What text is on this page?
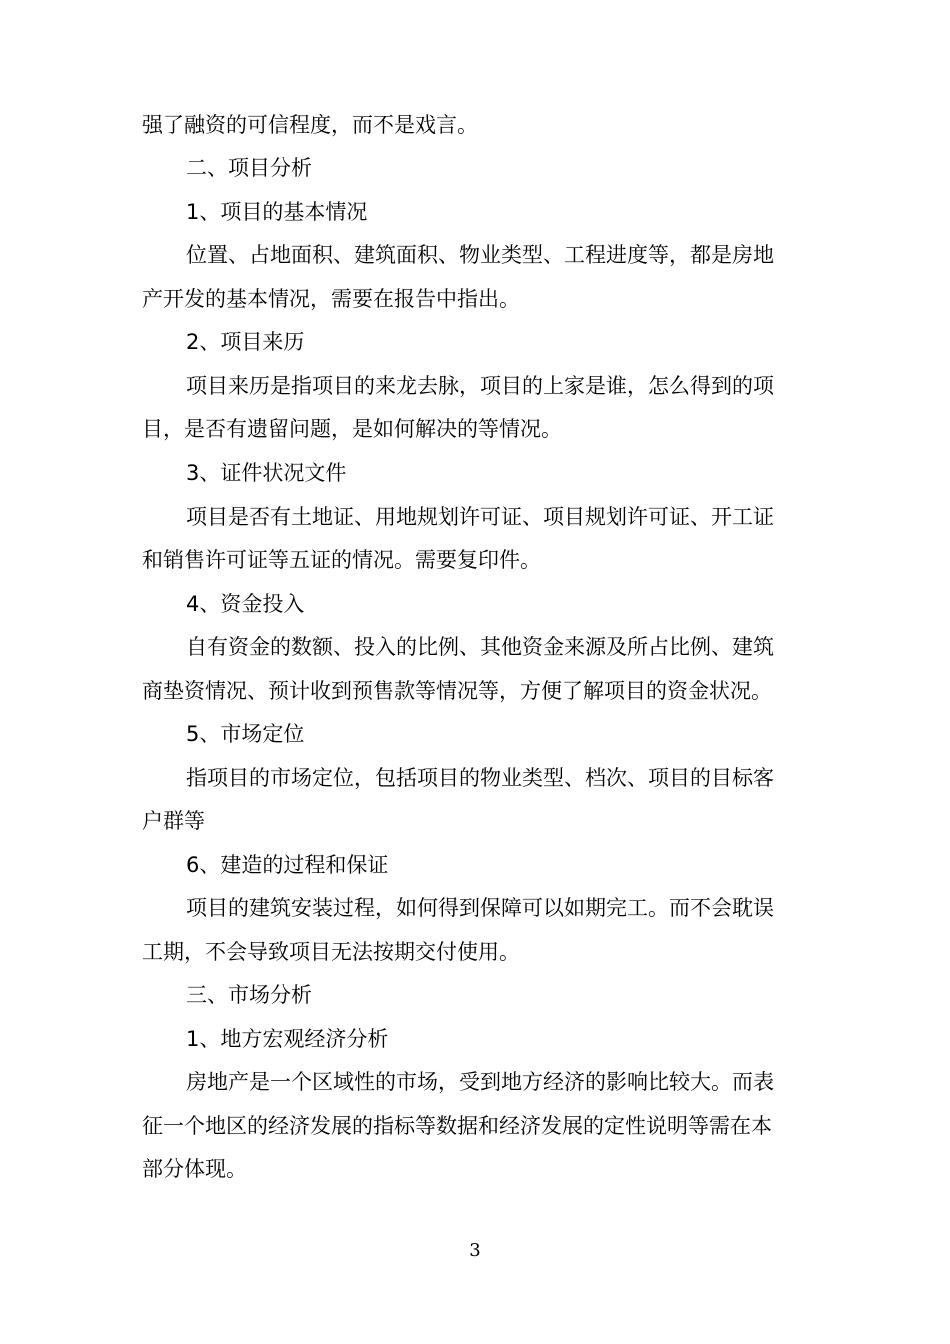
强了融资的可信程度，而不是戏言。
二、项目分析
1、项目的基本情况
位置、占地面积、建筑面积、物业类型、工程进度等，都是房地
产开发的基本情况，需要在报告中指出。
2、项目来历
项目来历是指项目的来龙去脉，项目的上家是谁，怎么得到的项
目，是否有遗留问题，是如何解决的等情况。
3、证件状况文件
项目是否有土地证、用地规划许可证、项目规划许可证、开工证
和销售许可证等五证的情况。需要复印件。
4、资金投入
自有资金的数额、投入的比例、其他资金来源及所占比例、建筑
商垫资情况、预计收到预售款等情况等，方便了解项目的资金状况。
5、市场定位
指项目的市场定位，包括项目的物业类型、档次、项目的目标客
户群等
6、建造的过程和保证
项目的建筑安装过程，如何得到保障可以如期完工。而不会耽误
工期，不会导致项目无法按期交付使用。
三、市场分析
1、地方宏观经济分析
房地产是一个区域性的市场，受到地方经济的影响比较大。而表
征一个地区的经济发展的指标等数据和经济发展的定性说明等需在本
部分体现。
3
